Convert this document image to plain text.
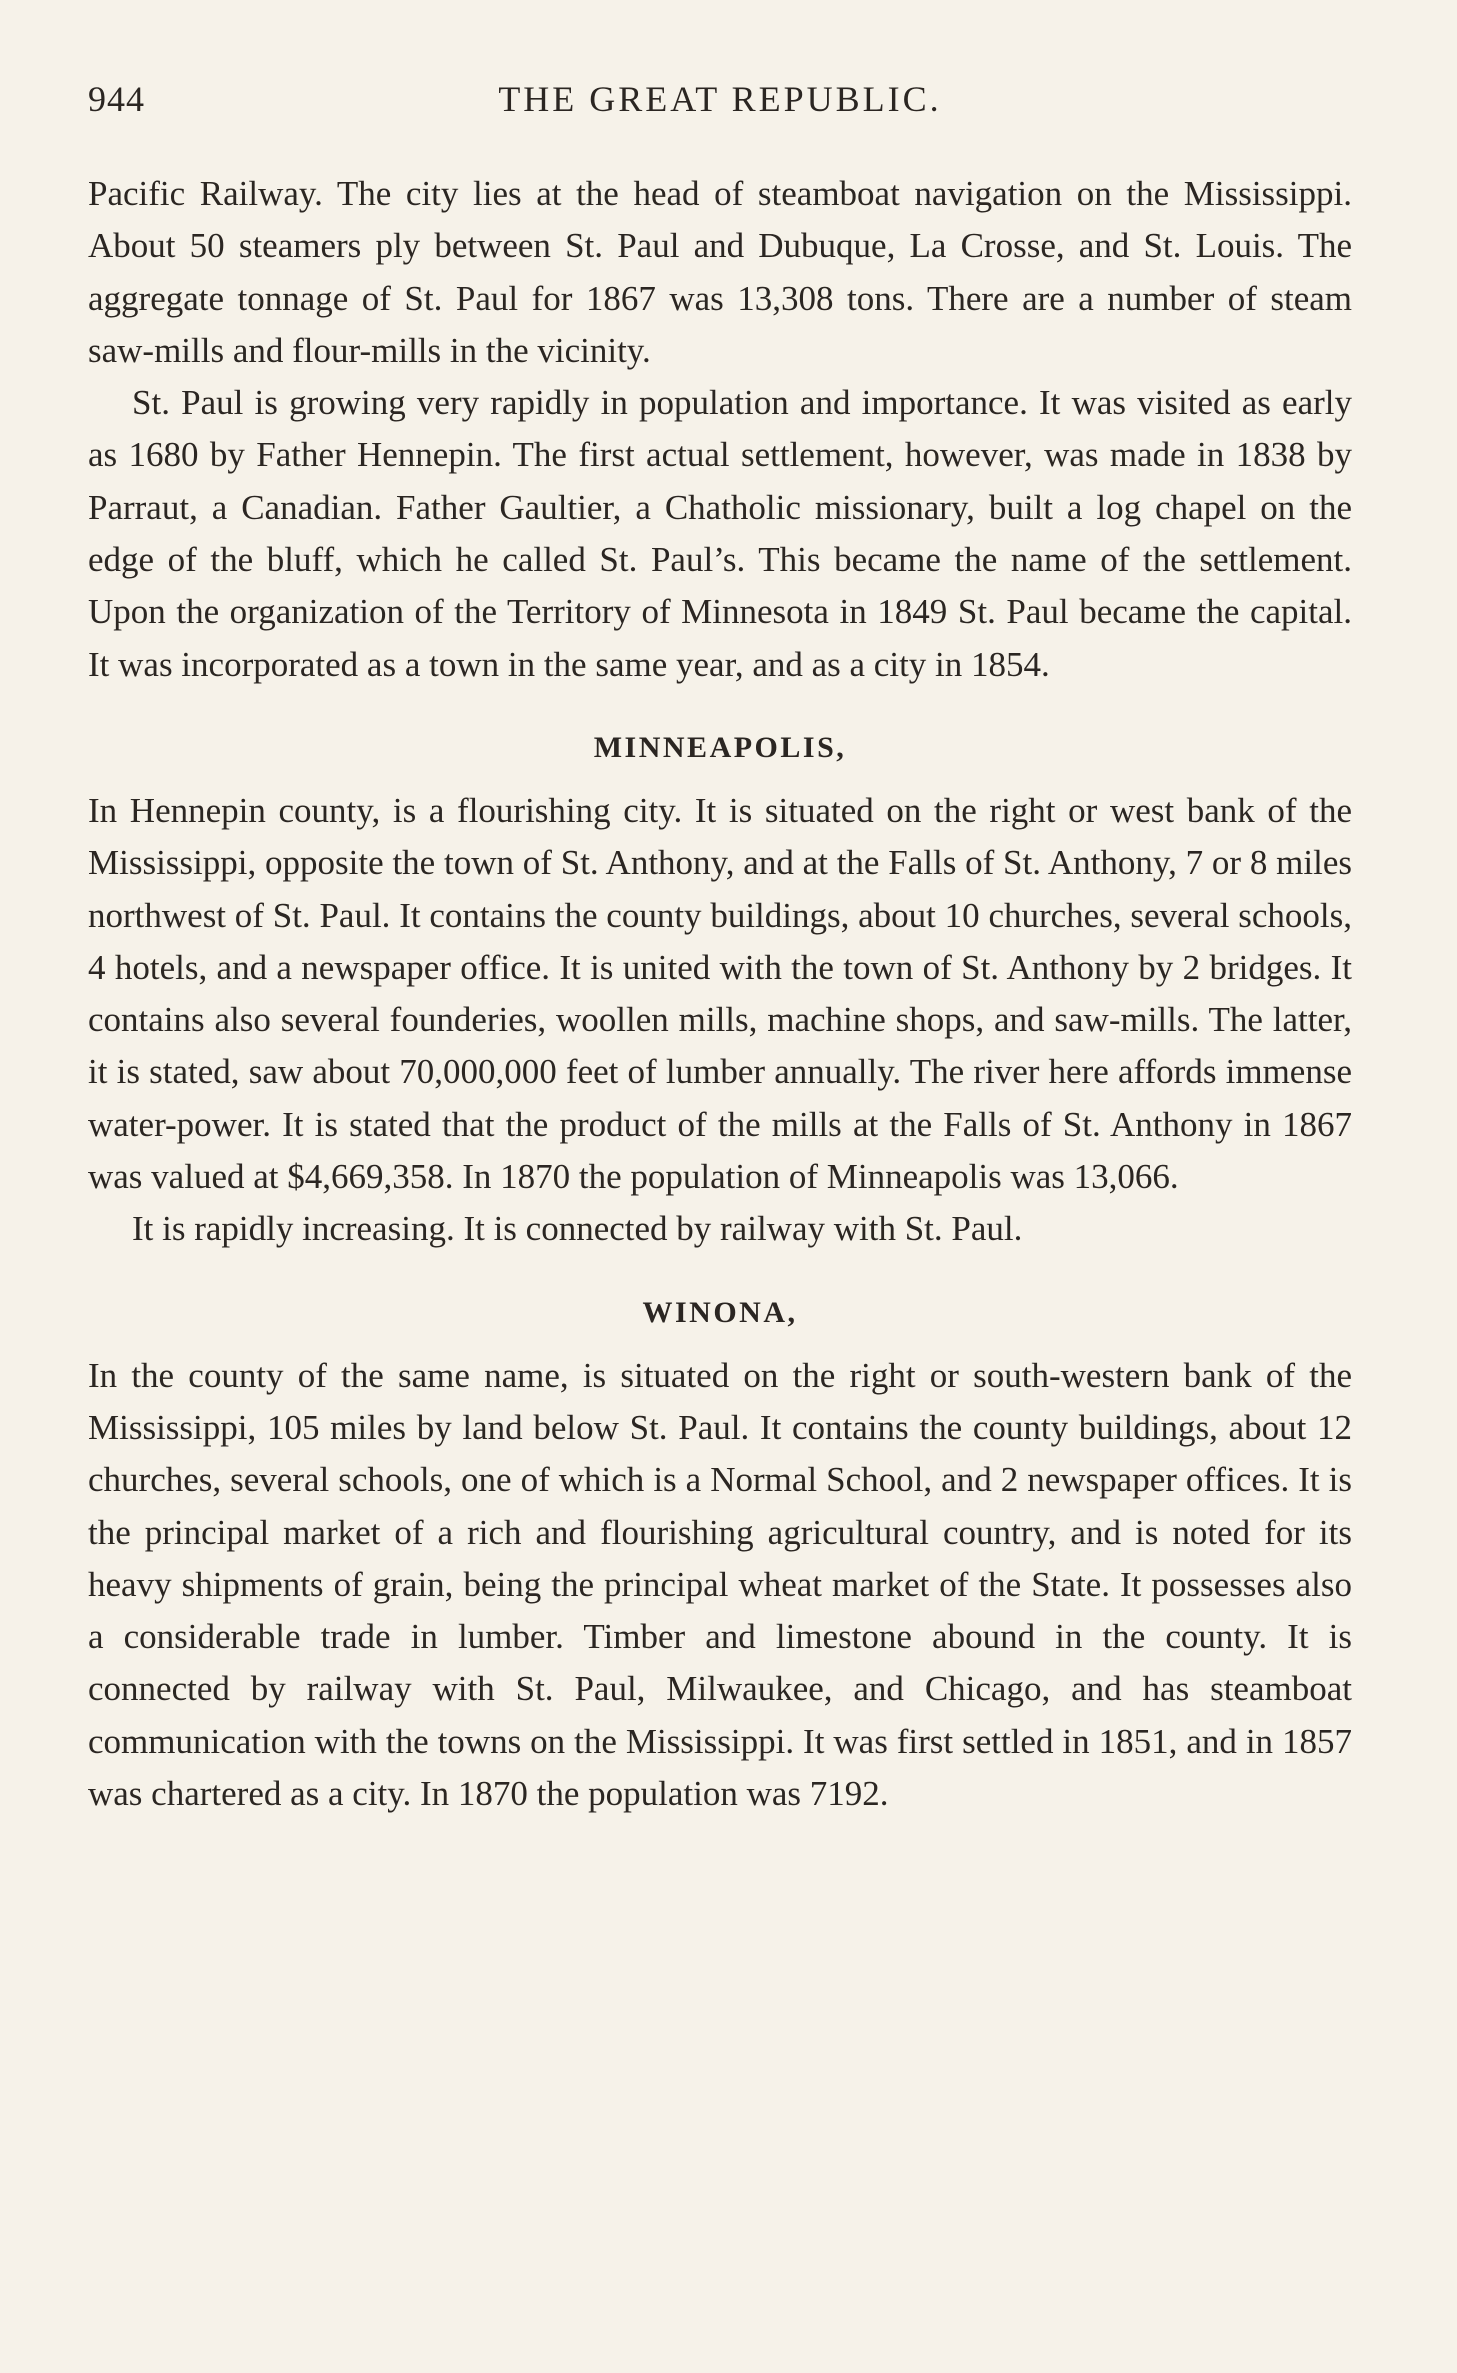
944	THE GREAT REPUBLIC.

Pacific Railway. The city lies at the head of steamboat navigation on the Mississippi. About 50 steamers ply between St. Paul and Dubuque, La Crosse, and St. Louis. The aggregate tonnage of St. Paul for 1867 was 13,308 tons. There are a number of steam saw-mills and flour-mills in the vicinity.

St. Paul is growing very rapidly in population and importance. It was visited as early as 1680 by Father Hennepin. The first actual settlement, however, was made in 1838 by Parraut, a Canadian. Father Gaultier, a Chatholic missionary, built a log chapel on the edge of the bluff, which he called St. Paul’s. This became the name of the settlement. Upon the organization of the Territory of Minnesota in 1849 St. Paul became the capital. It was incorporated as a town in the same year, and as a city in 1854.

MINNEAPOLIS,

In Hennepin county, is a flourishing city. It is situated on the right or west bank of the Mississippi, opposite the town of St. Anthony, and at the Falls of St. Anthony, 7 or 8 miles northwest of St. Paul. It contains the county buildings, about 10 churches, several schools, 4 hotels, and a newspaper office. It is united with the town of St. Anthony by 2 bridges. It contains also several founderies, woollen mills, machine shops, and saw-mills. The latter, it is stated, saw about 70,000,000 feet of lumber annually. The river here affords immense water-power. It is stated that the product of the mills at the Falls of St. Anthony in 1867 was valued at $4,669,358. In 1870 the population of Minneapolis was 13,066.

It is rapidly increasing. It is connected by railway with St. Paul.

WINONA,

In the county of the same name, is situated on the right or south-western bank of the Mississippi, 105 miles by land below St. Paul. It contains the county buildings, about 12 churches, several schools, one of which is a Normal School, and 2 newspaper offices. It is the principal market of a rich and flourishing agricultural country, and is noted for its heavy shipments of grain, being the principal wheat market of the State. It possesses also a considerable trade in lumber. Timber and limestone abound in the county. It is connected by railway with St. Paul, Milwaukee, and Chicago, and has steamboat communication with the towns on the Mississippi. It was first settled in 1851, and in 1857 was chartered as a city. In 1870 the population was 7192.
